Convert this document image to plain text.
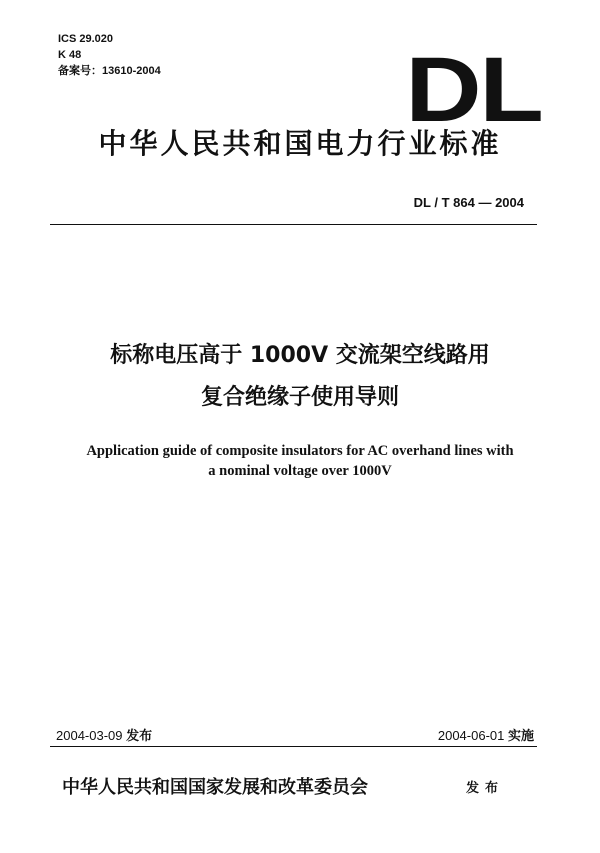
ICS 29.020
K 48
备案号：13610-2004	DL
中华人民共和国电力行业标准
DL / T 864 — 2004
标称电压高于 1000V 交流架空线路用
复合绝缘子使用导则
Application guide of composite insulators for AC overhand lines with
a nominal voltage over 1000V
2004-03-09 发布	2004-06-01 实施
中华人民共和国国家发展和改革委员会	发布
